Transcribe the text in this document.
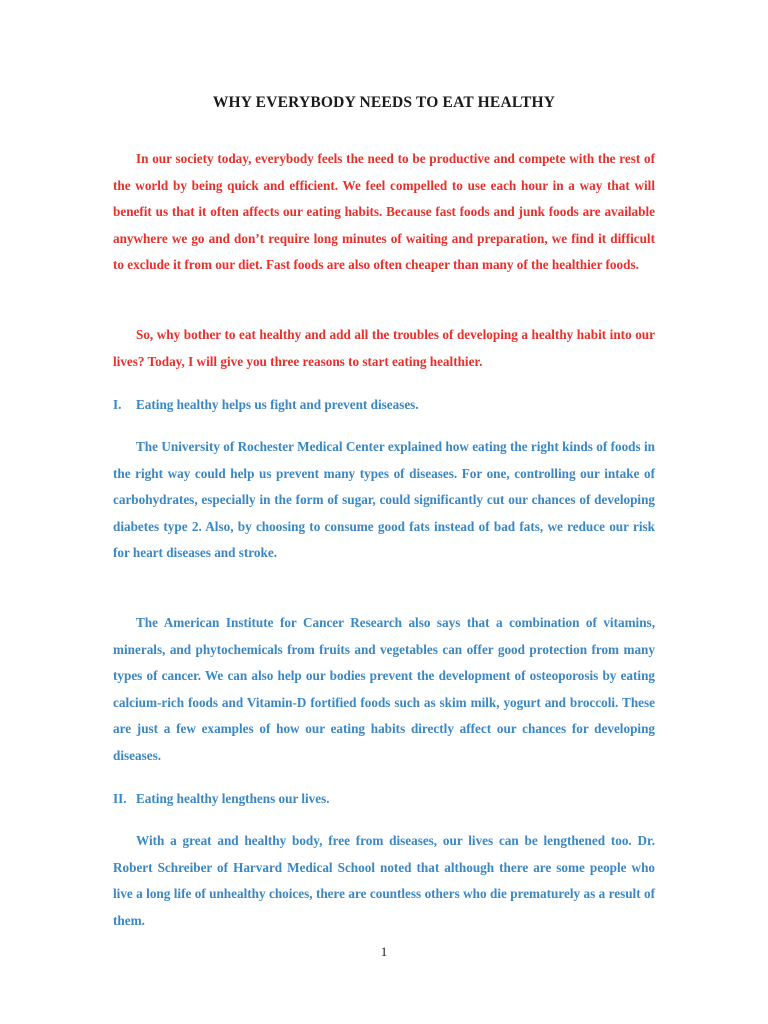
WHY EVERYBODY NEEDS TO EAT HEALTHY

In our society today, everybody feels the need to be productive and compete with the rest of the world by being quick and efficient. We feel compelled to use each hour in a way that will benefit us that it often affects our eating habits. Because fast foods and junk foods are available anywhere we go and don’t require long minutes of waiting and preparation, we find it difficult to exclude it from our diet. Fast foods are also often cheaper than many of the healthier foods.

So, why bother to eat healthy and add all the troubles of developing a healthy habit into our lives? Today, I will give you three reasons to start eating healthier.

I. Eating healthy helps us fight and prevent diseases.

The University of Rochester Medical Center explained how eating the right kinds of foods in the right way could help us prevent many types of diseases. For one, controlling our intake of carbohydrates, especially in the form of sugar, could significantly cut our chances of developing diabetes type 2. Also, by choosing to consume good fats instead of bad fats, we reduce our risk for heart diseases and stroke.

The American Institute for Cancer Research also says that a combination of vitamins, minerals, and phytochemicals from fruits and vegetables can offer good protection from many types of cancer. We can also help our bodies prevent the development of osteoporosis by eating calcium-rich foods and Vitamin-D fortified foods such as skim milk, yogurt and broccoli. These are just a few examples of how our eating habits directly affect our chances for developing diseases.

II. Eating healthy lengthens our lives.

With a great and healthy body, free from diseases, our lives can be lengthened too. Dr. Robert Schreiber of Harvard Medical School noted that although there are some people who live a long life of unhealthy choices, there are countless others who die prematurely as a result of them.

1
